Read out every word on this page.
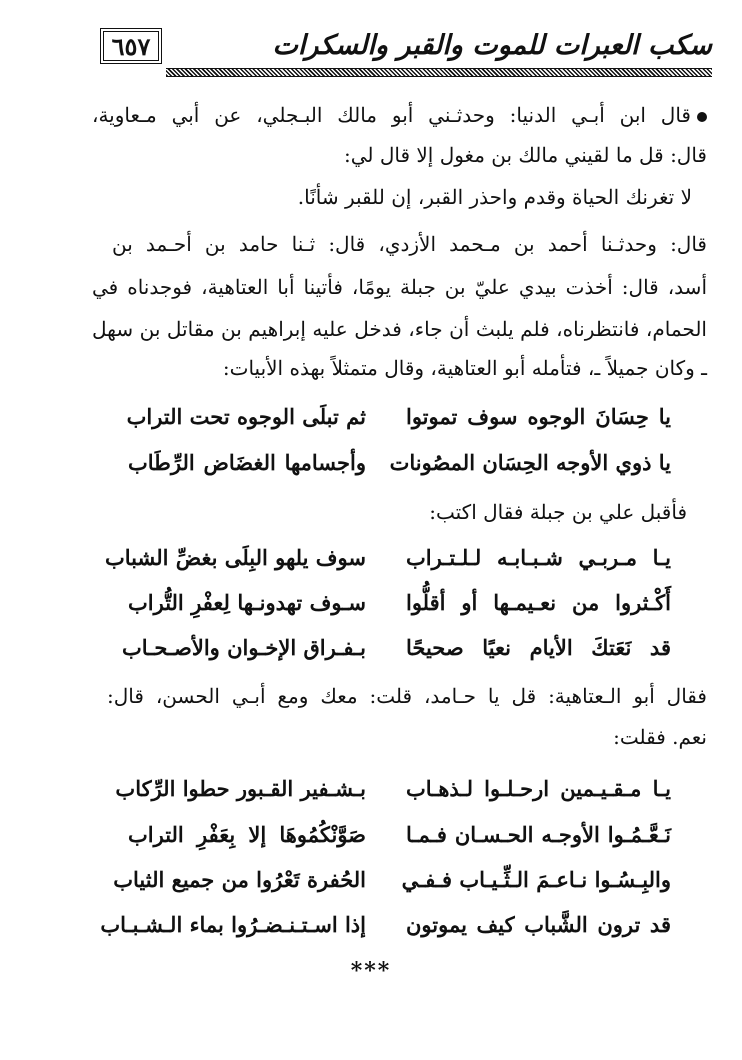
٦٥٧	سكب العبرات للموت والقبر والسكرات
قال ابن أبـي الدنيا: وحدثـني أبو مالك البـجلي، عن أبي مـعاوية،
قال: قل ما لقيني مالك بن مغول إلا قال لي:
لا تغرنك الحياة وقدم واحذر القبر، إن للقبر شأنًا.
قال: وحدثـنا أحمد بن مـحمد الأزدي، قال: ثـنا حامد بن أحـمد بن
أسد، قال: أخذت بيدي عليّ بن جبلة يومًا، فأتينا أبا العتاهية، فوجدناه في
الحمام، فانتظرناه، فلم يلبث أن جاء، فدخل عليه إبراهيم بن مقاتل بن سهل
ـ وكان جميلاً ـ، فتأمله أبو العتاهية، وقال متمثلاً بهذه الأبيات:
يا حِسَانَ الوجوه سوف تموتوا
ثم تبلَى الوجوه تحت التراب
يا ذوي الأوجه الحِسَان المصُونات
وأجسامها الغضَاض الرِّطَاب
فأقبل علي بن جبلة فقال اكتب:
يـا مـربـي شـبـابـه لـلـتـراب
سوف يلهو البِلَى بغضِّ الشباب
أَكْـثروا من نعـيمـها أو أقلُّوا
سـوف تهدونـها لِعفْرِ التُّراب
قد نَعَتكَ الأيام نعيًا صحيحًا
بـفـراق الإخـوان والأصـحـاب
فقال أبو الـعتاهية: قل يا حـامد، قلت: معك ومع أبـي الحسن، قال:
نعم. فقلت:
يـا مـقـيـمين ارحـلـوا لـذهـاب
بـشـفير القـبور حطوا الرِّكاب
نَـعَّـمُـوا الأوجـه الحـسـان فـمـا
صَوَّنْكُمُوهَا إلا بِعَفْرِ التراب
والبِـسُـوا نـاعـمَ الـثِّـيـاب فـفـي
الحُفرة تَعْرُوا من جميع الثياب
قد ترون الشَّباب كيف يموتون
إذا اسـتـنـضـرُوا بماء الـشـبـاب
***
